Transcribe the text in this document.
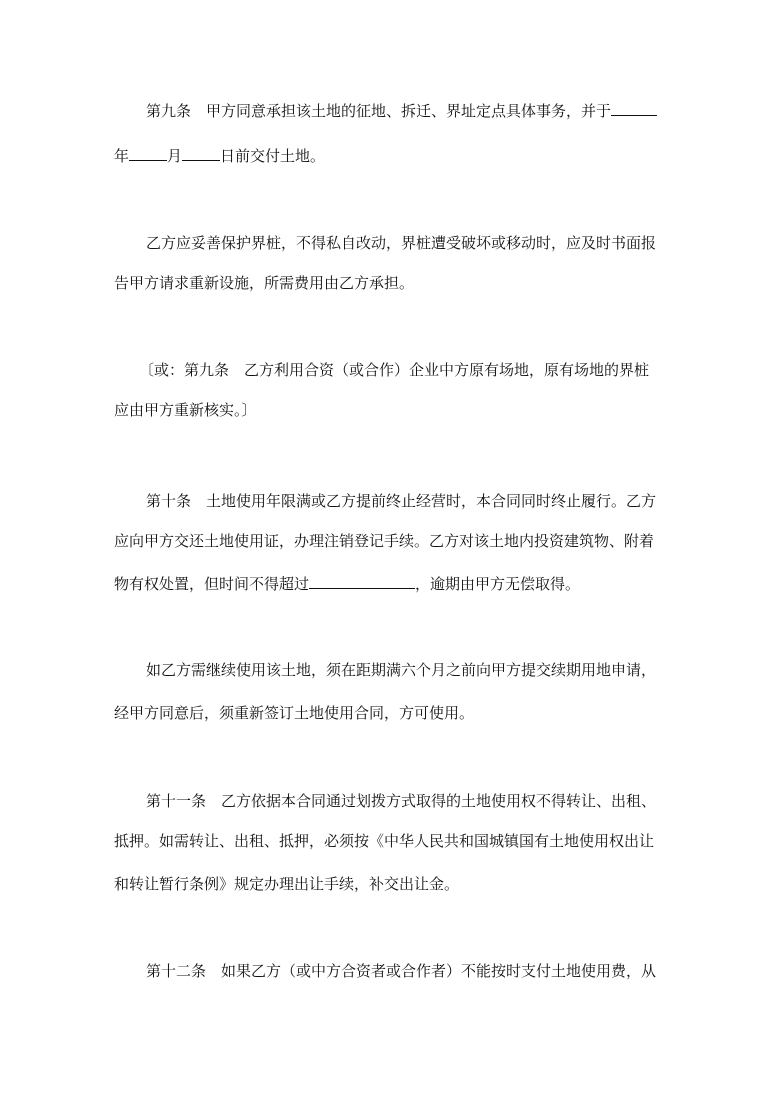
第九条　甲方同意承担该土地的征地、拆迁、界址定点具体事务，并于
年	月	日前交付土地。
乙方应妥善保护界桩，不得私自改动，界桩遭受破坏或移动时，应及时书面报
告甲方请求重新设施，所需费用由乙方承担。
〔或：第九条　乙方利用合资（或合作）企业中方原有场地，原有场地的界桩
应由甲方重新核实。〕
第十条　土地使用年限满或乙方提前终止经营时，本合同同时终止履行。乙方
应向甲方交还土地使用证，办理注销登记手续。乙方对该土地内投资建筑物、附着
物有权处置，但时间不得超过	，逾期由甲方无偿取得。
如乙方需继续使用该土地，须在距期满六个月之前向甲方提交续期用地申请，
经甲方同意后，须重新签订土地使用合同，方可使用。
第十一条　乙方依据本合同通过划拨方式取得的土地使用权不得转让、出租、
抵押。如需转让、出租、抵押，必须按《中华人民共和国城镇国有土地使用权出让
和转让暂行条例》规定办理出让手续，补交出让金。
第十二条　如果乙方（或中方合资者或合作者）不能按时支付土地使用费，从
